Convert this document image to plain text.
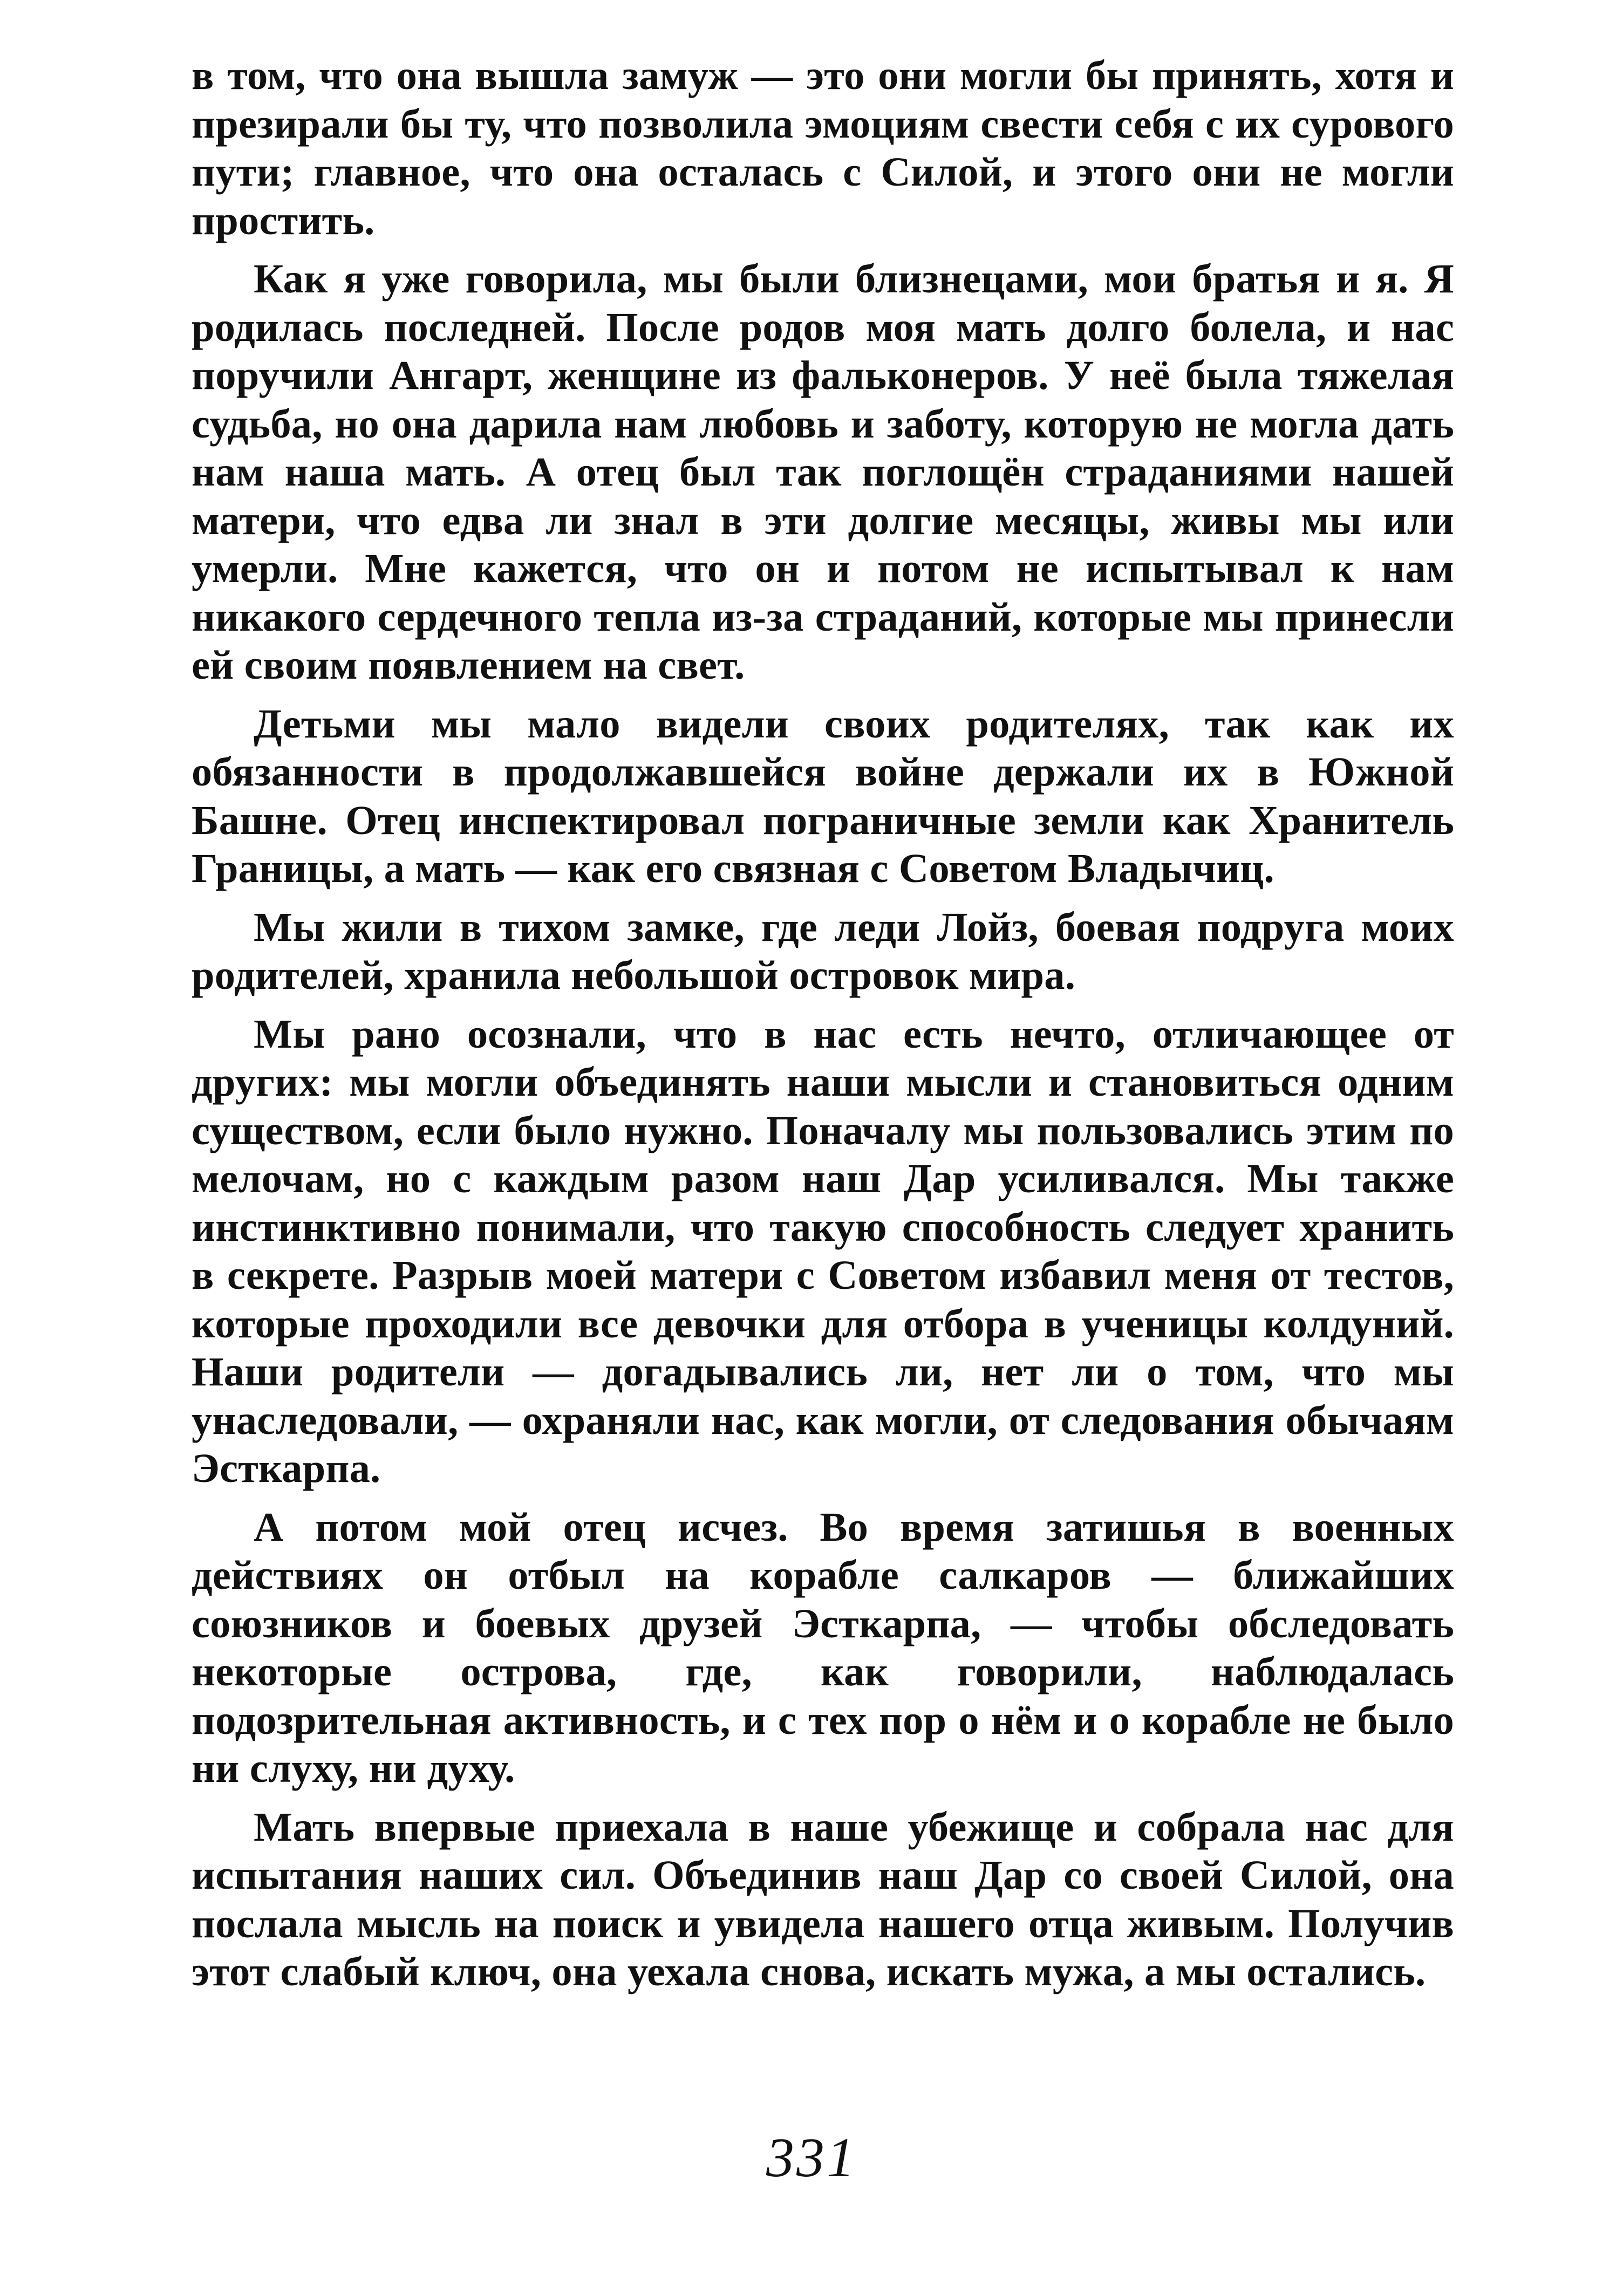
в том, что она вышла замуж — это они могли бы принять, хотя и презирали бы ту, что позволила эмоциям свести себя с их сурового пути; главное, что она осталась с Силой, и этого они не могли простить.

Как я уже говорила, мы были близнецами, мои братья и я. Я родилась последней. После родов моя мать долго болела, и нас поручили Ангарт, женщине из фальконеров. У неё была тяжелая судьба, но она дарила нам любовь и заботу, которую не могла дать нам наша мать. А отец был так поглощён страданиями нашей матери, что едва ли знал в эти долгие месяцы, живы мы или умерли. Мне кажется, что он и потом не испытывал к нам никакого сердечного тепла из-за страданий, которые мы принесли ей своим появлением на свет.

Детьми мы мало видели своих родителях, так как их обязанности в продолжавшейся войне держали их в Южной Башне. Отец инспектировал пограничные земли как Хранитель Границы, а мать — как его связная с Советом Владычиц.

Мы жили в тихом замке, где леди Лойз, боевая подруга моих родителей, хранила небольшой островок мира.

Мы рано осознали, что в нас есть нечто, отличающее от других: мы могли объединять наши мысли и становиться одним существом, если было нужно. Поначалу мы пользовались этим по мелочам, но с каждым разом наш Дар усиливался. Мы также инстинктивно понимали, что такую способность следует хранить в секрете. Разрыв моей матери с Советом избавил меня от тестов, которые проходили все девочки для отбора в ученицы колдуний. Наши родители — догадывались ли, нет ли о том, что мы унаследовали, — охраняли нас, как могли, от следования обычаям Эсткарпа.

А потом мой отец исчез. Во время затишья в военных действиях он отбыл на корабле салкаров — ближайших союзников и боевых друзей Эсткарпа, — чтобы обследовать некоторые острова, где, как говорили, наблюдалась подозрительная активность, и с тех пор о нём и о корабле не было ни слуху, ни духу.

Мать впервые приехала в наше убежище и собрала нас для испытания наших сил. Объединив наш Дар со своей Силой, она послала мысль на поиск и увидела нашего отца живым. Получив этот слабый ключ, она уехала снова, искать мужа, а мы остались.

331
